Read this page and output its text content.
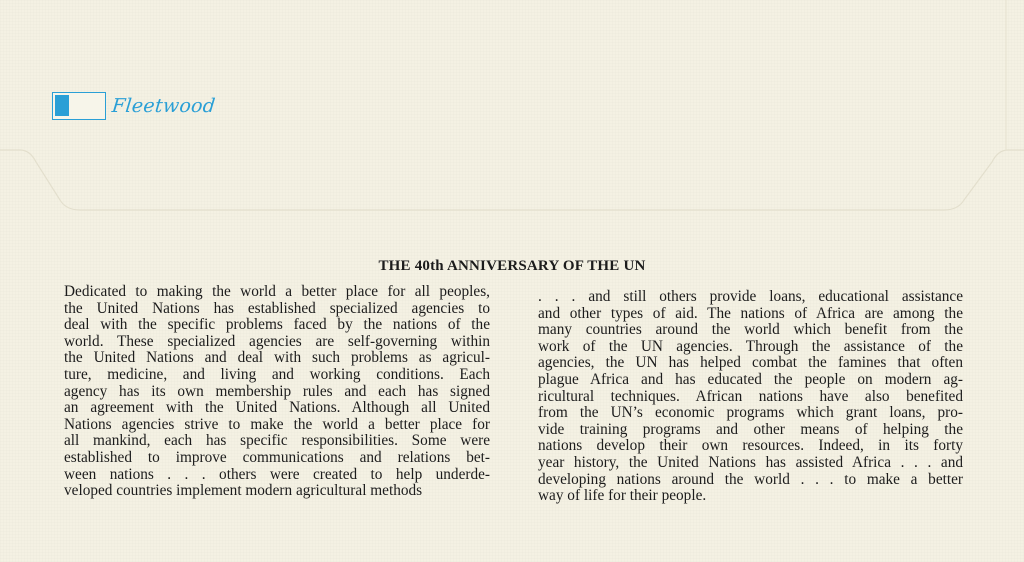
Fleetwood
THE 40th ANNIVERSARY OF THE UN
Dedicated to making the world a better place for all peoples,
the United Nations has established specialized agencies to
deal with the specific problems faced by the nations of the
world. These specialized agencies are self-governing within
the United Nations and deal with such problems as agricul-
ture, medicine, and living and working conditions. Each
agency has its own membership rules and each has signed
an agreement with the United Nations. Although all United
Nations agencies strive to make the world a better place for
all mankind, each has specific responsibilities. Some were
established to improve communications and relations bet-
ween nations . . . others were created to help underde-
veloped countries implement modern agricultural methods
. . . and still others provide loans, educational assistance
and other types of aid. The nations of Africa are among the
many countries around the world which benefit from the
work of the UN agencies. Through the assistance of the
agencies, the UN has helped combat the famines that often
plague Africa and has educated the people on modern ag-
ricultural techniques. African nations have also benefited
from the UN’s economic programs which grant loans, pro-
vide training programs and other means of helping the
nations develop their own resources. Indeed, in its forty
year history, the United Nations has assisted Africa . . . and
developing nations around the world . . . to make a better
way of life for their people.
